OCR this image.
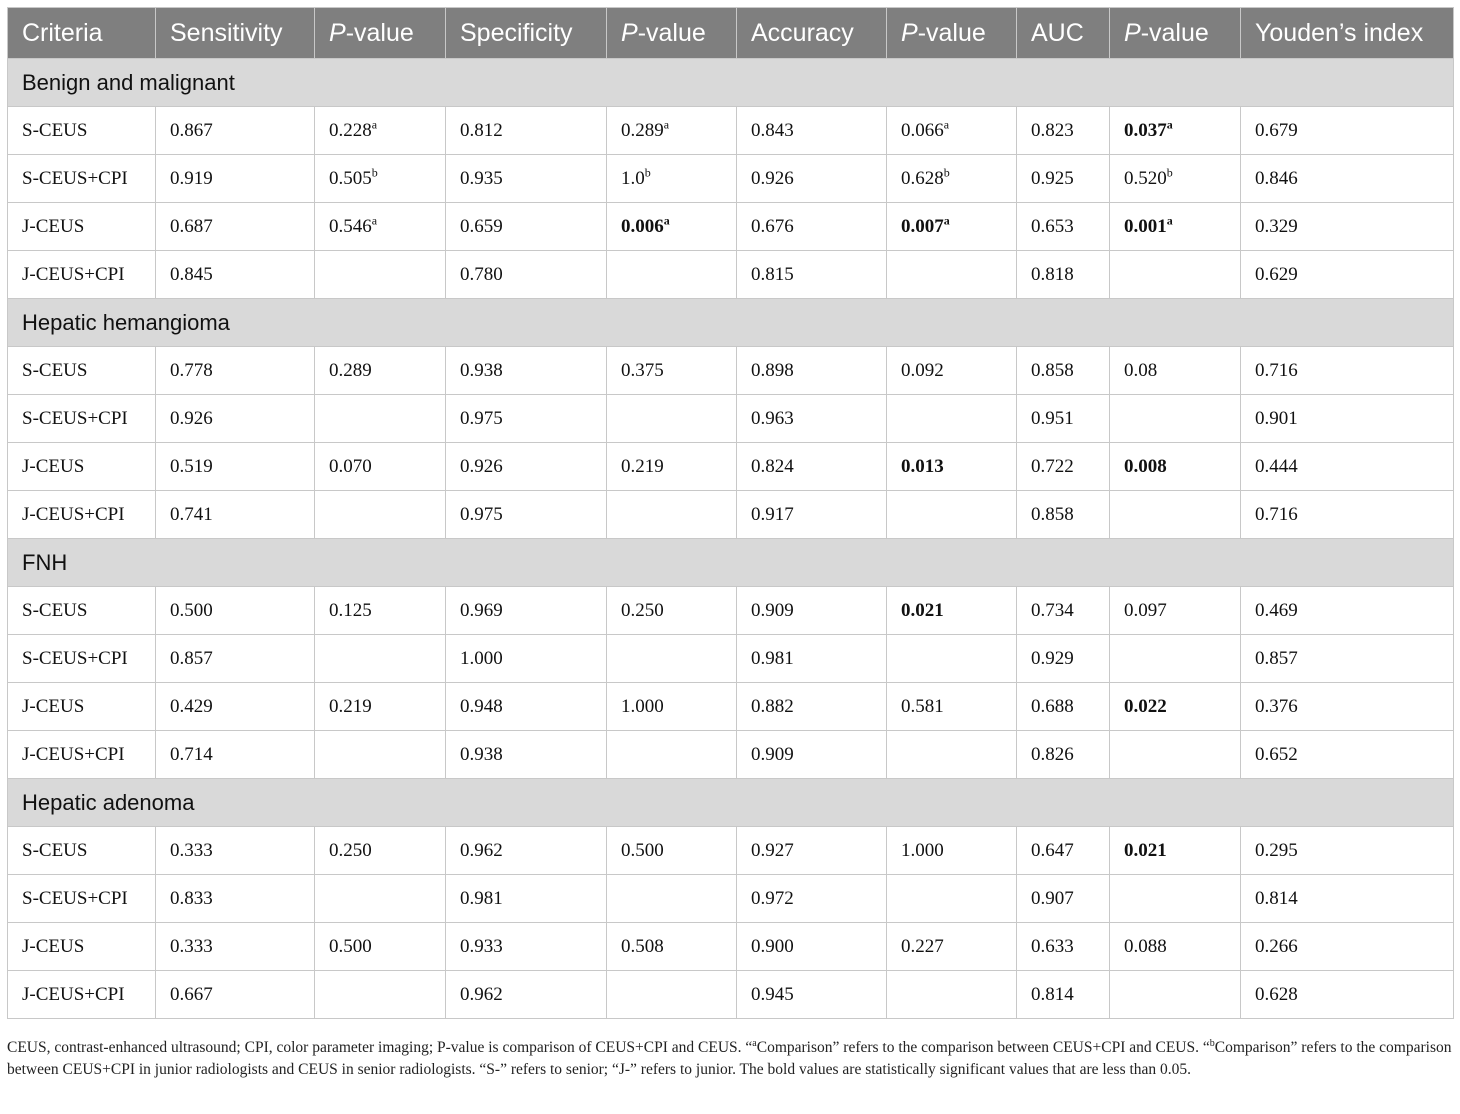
Criteria	Sensitivity	P-value	Specificity	P-value	Accuracy	P-value	AUC	P-value	Youden’s index
Benign and malignant									
S-CEUS	0.867	0.228$^a$	0.812	0.289$^a$	0.843	0.066$^a$	0.823	0.037$^a$	0.679
S-CEUS+CPI	0.919	0.505$^b$	0.935	1.0$^b$	0.926	0.628$^b$	0.925	0.520$^b$	0.846
J-CEUS	0.687	0.546$^a$	0.659	0.006$^a$	0.676	0.007$^a$	0.653	0.001$^a$	0.329
J-CEUS+CPI	0.845		0.780		0.815		0.818		0.629
Hepatic hemangioma									
S-CEUS	0.778	0.289	0.938	0.375	0.898	0.092	0.858	0.08	0.716
S-CEUS+CPI	0.926		0.975		0.963		0.951		0.901
J-CEUS	0.519	0.070	0.926	0.219	0.824	0.013	0.722	0.008	0.444
J-CEUS+CPI	0.741		0.975		0.917		0.858		0.716
FNH									
S-CEUS	0.500	0.125	0.969	0.250	0.909	0.021	0.734	0.097	0.469
S-CEUS+CPI	0.857		1.000		0.981		0.929		0.857
J-CEUS	0.429	0.219	0.948	1.000	0.882	0.581	0.688	0.022	0.376
J-CEUS+CPI	0.714		0.938		0.909		0.826		0.652
Hepatic adenoma									
S-CEUS	0.333	0.250	0.962	0.500	0.927	1.000	0.647	0.021	0.295
S-CEUS+CPI	0.833		0.981		0.972		0.907		0.814
J-CEUS	0.333	0.500	0.933	0.508	0.900	0.227	0.633	0.088	0.266
J-CEUS+CPI	0.667		0.962		0.945		0.814		0.628
CEUS, contrast-enhanced ultrasound; CPI, color parameter imaging; P-value is comparison of CEUS+CPI and CEUS. “$^a$Comparison” refers to the comparison between CEUS+CPI and CEUS. “$^b$Comparison” refers to the comparison between CEUS+CPI in junior radiologists and CEUS in senior radiologists. “S-” refers to senior; “J-” refers to junior. The bold values are statistically significant values that are less than 0.05.
